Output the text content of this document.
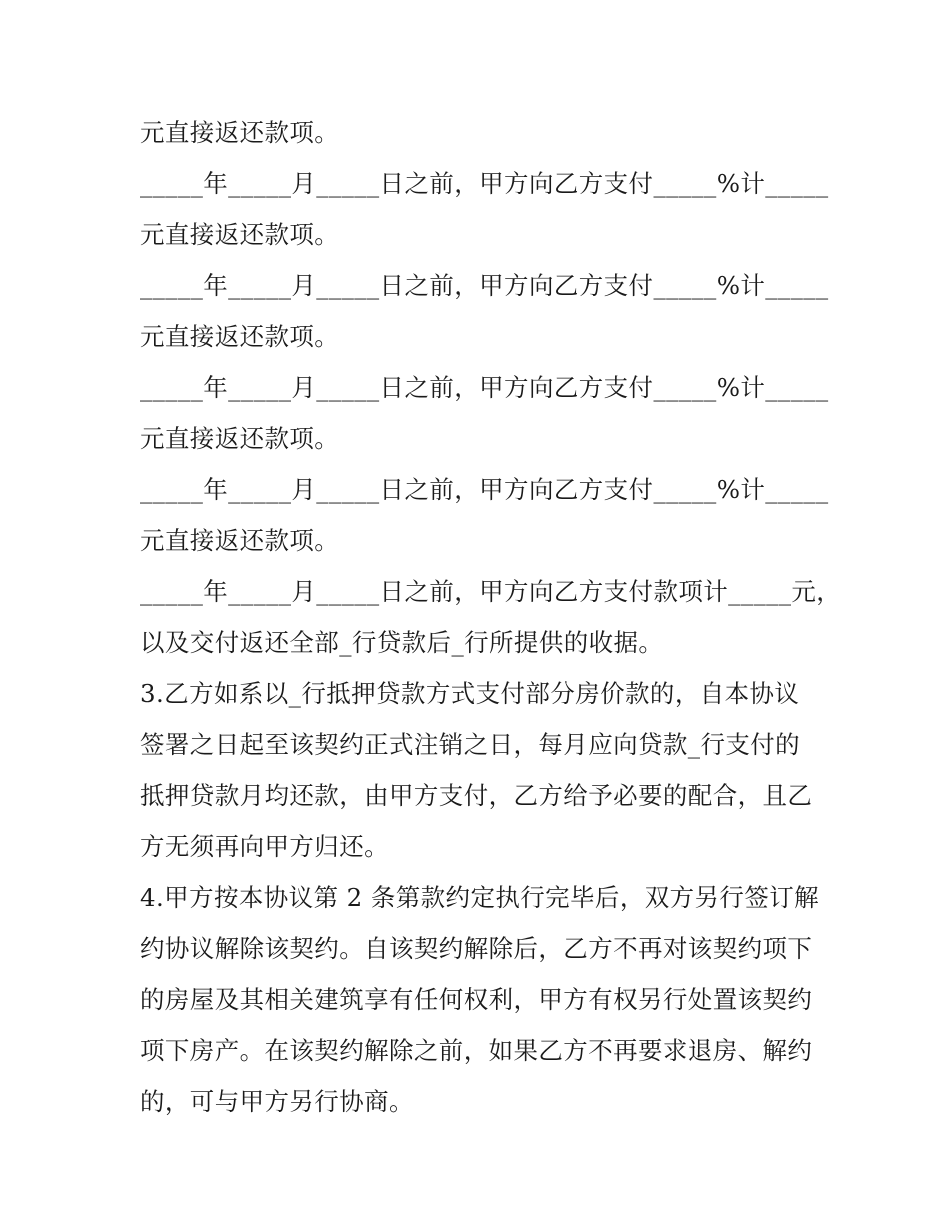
元直接返还款项。
_____年_____月_____日之前，甲方向乙方支付_____%计_____
元直接返还款项。
_____年_____月_____日之前，甲方向乙方支付_____%计_____
元直接返还款项。
_____年_____月_____日之前，甲方向乙方支付_____%计_____
元直接返还款项。
_____年_____月_____日之前，甲方向乙方支付_____%计_____
元直接返还款项。
_____年_____月_____日之前，甲方向乙方支付款项计_____元，
以及交付返还全部_行贷款后_行所提供的收据。
3.乙方如系以_行抵押贷款方式支付部分房价款的，自本协议
签署之日起至该契约正式注销之日，每月应向贷款_行支付的
抵押贷款月均还款，由甲方支付，乙方给予必要的配合，且乙
方无须再向甲方归还。
4.甲方按本协议第 2 条第款约定执行完毕后，双方另行签订解
约协议解除该契约。自该契约解除后，乙方不再对该契约项下
的房屋及其相关建筑享有任何权利，甲方有权另行处置该契约
项下房产。在该契约解除之前，如果乙方不再要求退房、解约
的，可与甲方另行协商。
